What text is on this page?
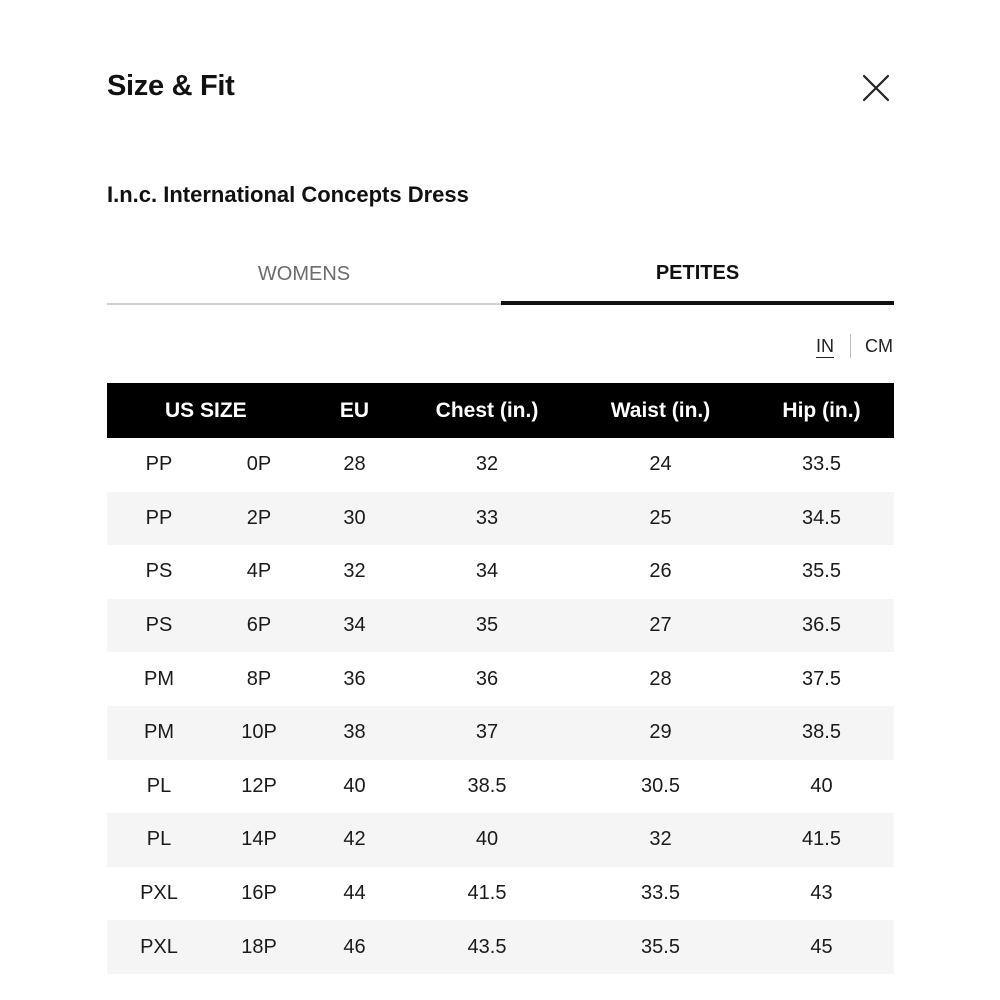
Size & Fit
I.n.c. International Concepts Dress
WOMENS	PETITES
IN CM
US SIZE		EU	Chest (in.)	Waist (in.)	Hip (in.)
PP	0P	28	32	24	33.5
PP	2P	30	33	25	34.5
PS	4P	32	34	26	35.5
PS	6P	34	35	27	36.5
PM	8P	36	36	28	37.5
PM	10P	38	37	29	38.5
PL	12P	40	38.5	30.5	40
PL	14P	42	40	32	41.5
PXL	16P	44	41.5	33.5	43
PXL	18P	46	43.5	35.5	45
